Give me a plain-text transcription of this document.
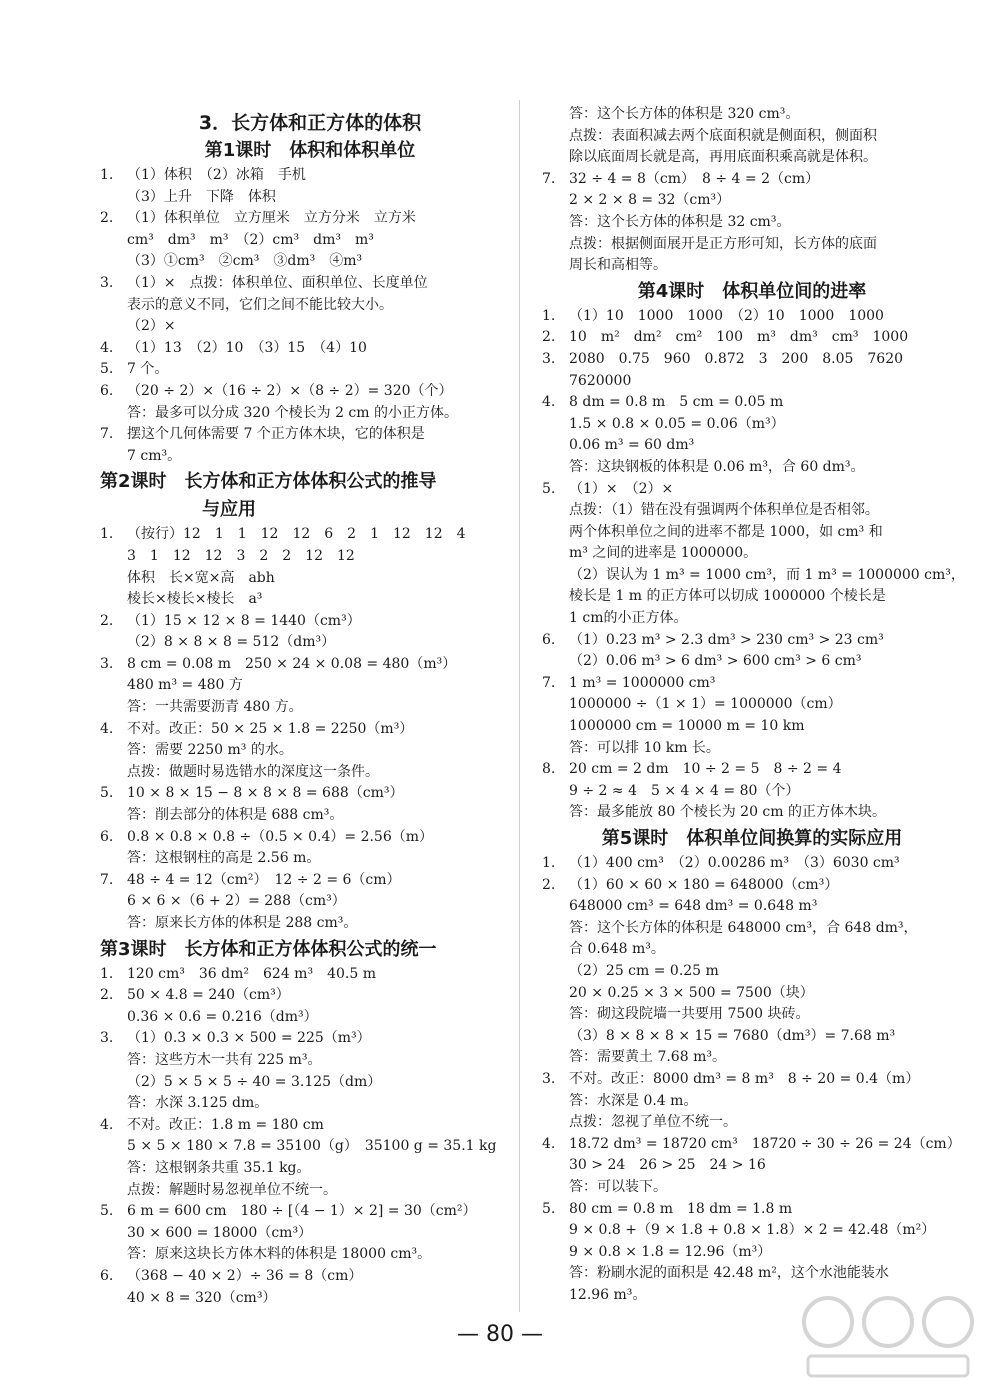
3．长方体和正方体的体积
第1课时　体积和体积单位
1. （1）体积　（2）冰箱　手机
（3）上升　下降　体积
2. （1）体积单位　立方厘米　立方分米　立方米
cm³　dm³　m³　（2）cm³　dm³　m³
（3）①cm³　②cm³　③dm³　④m³
3. （1）×　点拨：体积单位、面积单位、长度单位
表示的意义不同，它们之间不能比较大小。
（2）×
4. （1）13　（2）10　（3）15　（4）10
5. 7 个。
6. （20 ÷ 2）×（16 ÷ 2）×（8 ÷ 2）= 320（个）
答：最多可以分成 320 个棱长为 2 cm 的小正方体。
7. 摆这个几何体需要 7 个正方体木块，它的体积是
7 cm³。
第2课时　长方体和正方体体积公式的推导
与应用
1. （按行）12　1　1　12　12　6　2　1　12　12　4
3　1　12　12　3　2　2　12　12
体积　长×宽×高　abh
棱长×棱长×棱长　a³
2. （1）15 × 12 × 8 = 1440（cm³）
（2）8 × 8 × 8 = 512（dm³）
3. 8 cm = 0.08 m　250 × 24 × 0.08 = 480（m³）
480 m³ = 480 方
答：一共需要沥青 480 方。
4. 不对。改正：50 × 25 × 1.8 = 2250（m³）
答：需要 2250 m³ 的水。
点拨：做题时易选错水的深度这一条件。
5. 10 × 8 × 15 − 8 × 8 × 8 = 688（cm³）
答：削去部分的体积是 688 cm³。
6. 0.8 × 0.8 × 0.8 ÷（0.5 × 0.4）= 2.56（m）
答：这根钢柱的高是 2.56 m。
7. 48 ÷ 4 = 12（cm²）　12 ÷ 2 = 6（cm）
6 × 6 ×（6 + 2）= 288（cm³）
答：原来长方体的体积是 288 cm³。
第3课时　长方体和正方体体积公式的统一
1. 120 cm³　36 dm²　624 m³　40.5 m
2. 50 × 4.8 = 240（cm³）
0.36 × 0.6 = 0.216（dm³）
3. （1）0.3 × 0.3 × 500 = 225（m³）
答：这些方木一共有 225 m³。
（2）5 × 5 × 5 ÷ 40 = 3.125（dm）
答：水深 3.125 dm。
4. 不对。改正：1.8 m = 180 cm
5 × 5 × 180 × 7.8 = 35100（g）　35100 g = 35.1 kg
答：这根钢条共重 35.1 kg。
点拨：解题时易忽视单位不统一。
5. 6 m = 600 cm　180 ÷ [（4 − 1）× 2] = 30（cm²）
30 × 600 = 18000（cm³）
答：原来这块长方体木料的体积是 18000 cm³。
6. （368 − 40 × 2）÷ 36 = 8（cm）
40 × 8 = 320（cm³）
答：这个长方体的体积是 320 cm³。
点拨：表面积减去两个底面积就是侧面积，侧面积
除以底面周长就是高，再用底面积乘高就是体积。
7. 32 ÷ 4 = 8（cm）　8 ÷ 4 = 2（cm）
2 × 2 × 8 = 32（cm³）
答：这个长方体的体积是 32 cm³。
点拨：根据侧面展开是正方形可知，长方体的底面
周长和高相等。
第4课时　体积单位间的进率
1. （1）10　1000　1000　（2）10　1000　1000
2. 10　m²　dm²　cm²　100　m³　dm³　cm³　1000
3. 2080　0.75　960　0.872　3　200　8.05　7620
7620000
4. 8 dm = 0.8 m　5 cm = 0.05 m
1.5 × 0.8 × 0.05 = 0.06（m³）
0.06 m³ = 60 dm³
答：这块钢板的体积是 0.06 m³，合 60 dm³。
5. （1）×　（2）×
点拨：（1）错在没有强调两个体积单位是否相邻。
两个体积单位之间的进率不都是 1000，如 cm³ 和
m³ 之间的进率是 1000000。
（2）误认为 1 m³ = 1000 cm³，而 1 m³ = 1000000 cm³，
棱长是 1 m 的正方体可以切成 1000000 个棱长是
1 cm的小正方体。
6. （1）0.23 m³ > 2.3 dm³ > 230 cm³ > 23 cm³
（2）0.06 m³ > 6 dm³ > 600 cm³ > 6 cm³
7. 1 m³ = 1000000 cm³
1000000 ÷（1 × 1）= 1000000（cm）
1000000 cm = 10000 m = 10 km
答：可以排 10 km 长。
8. 20 cm = 2 dm　10 ÷ 2 = 5　8 ÷ 2 = 4
9 ÷ 2 ≈ 4　5 × 4 × 4 = 80（个）
答：最多能放 80 个棱长为 20 cm 的正方体木块。
第5课时　体积单位间换算的实际应用
1. （1）400 cm³　（2）0.00286 m³　（3）6030 cm³
2. （1）60 × 60 × 180 = 648000（cm³）
648000 cm³ = 648 dm³ = 0.648 m³
答：这个长方体的体积是 648000 cm³，合 648 dm³，
合 0.648 m³。
（2）25 cm = 0.25 m
20 × 0.25 × 3 × 500 = 7500（块）
答：砌这段院墙一共要用 7500 块砖。
（3）8 × 8 × 8 × 15 = 7680（dm³）= 7.68 m³
答：需要黄土 7.68 m³。
3. 不对。改正：8000 dm³ = 8 m³　8 ÷ 20 = 0.4（m）
答：水深是 0.4 m。
点拨：忽视了单位不统一。
4. 18.72 dm³ = 18720 cm³　18720 ÷ 30 ÷ 26 = 24（cm）
30 > 24　26 > 25　24 > 16
答：可以装下。
5. 80 cm = 0.8 m　18 dm = 1.8 m
9 × 0.8 +（9 × 1.8 + 0.8 × 1.8）× 2 = 42.48（m²）
9 × 0.8 × 1.8 = 12.96（m³）
答：粉刷水泥的面积是 42.48 m²，这个水池能装水
12.96 m³。
— 80 —
